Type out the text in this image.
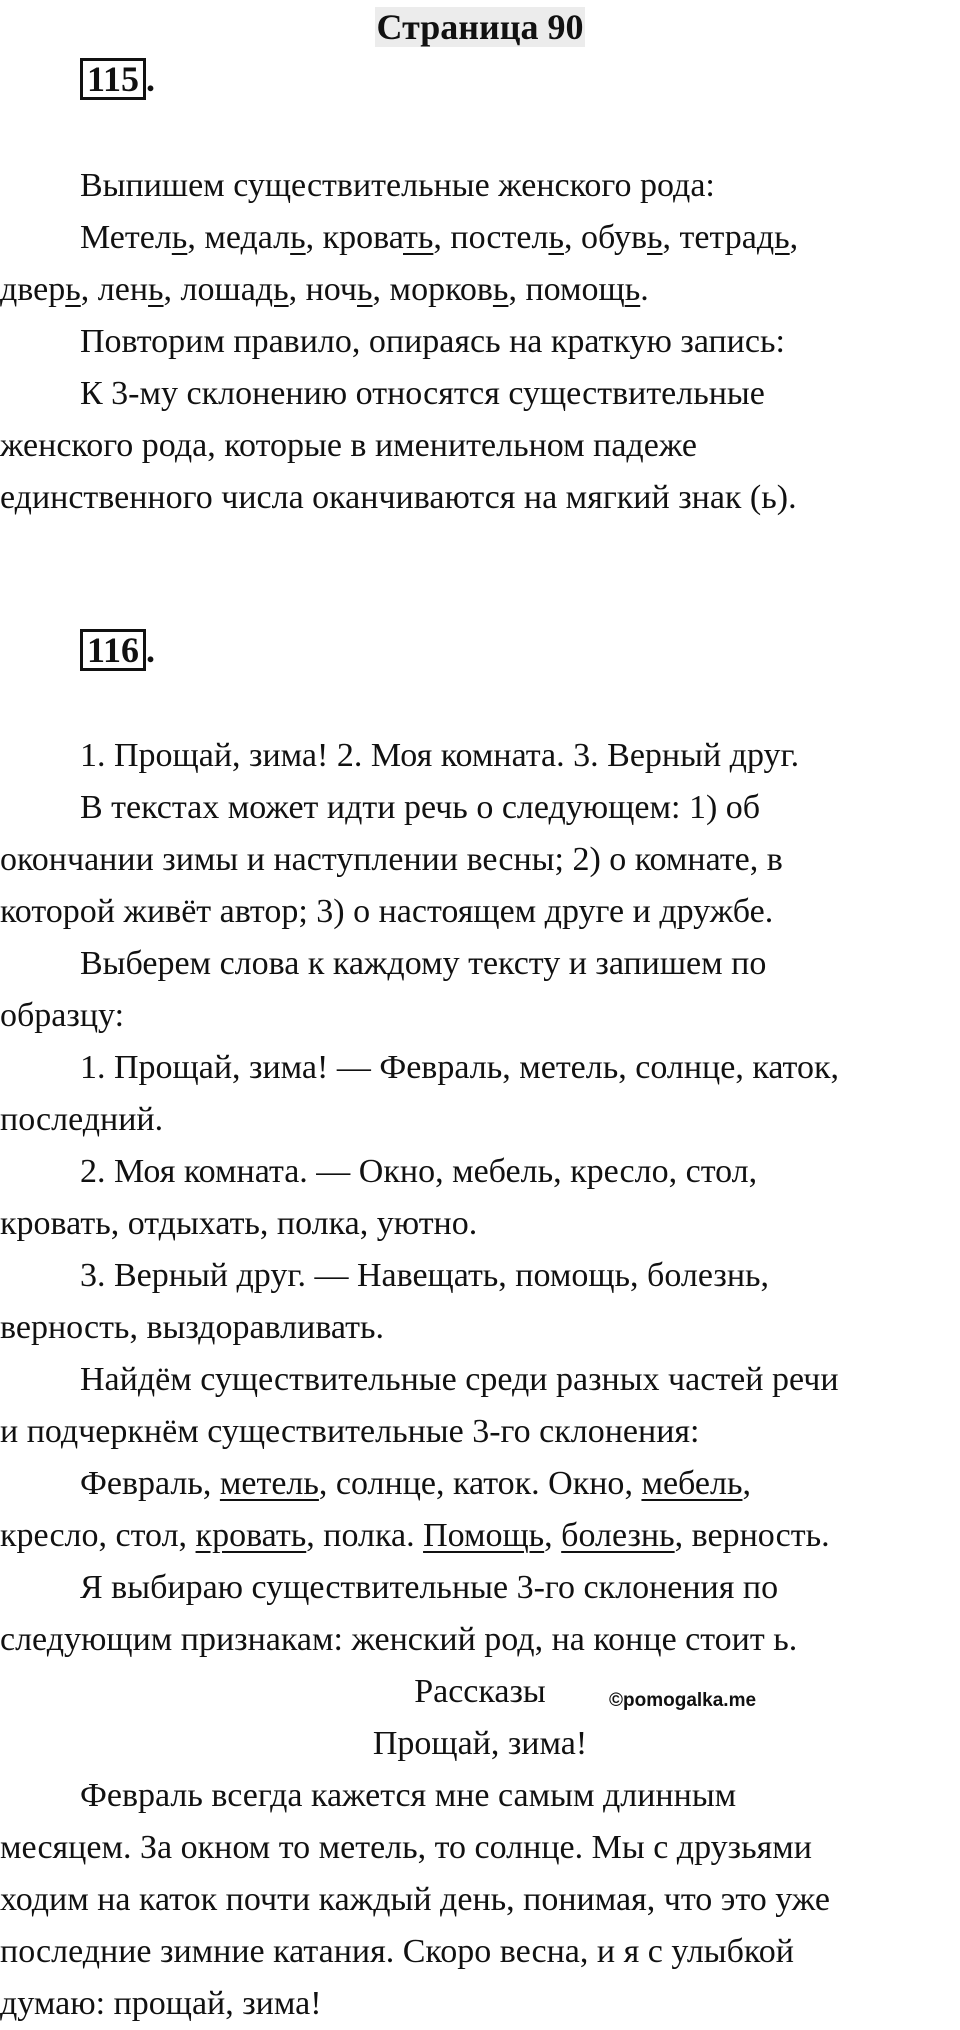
Страница 90
115 .

Выпишем существительные женского рода:

Метель, медаль, кровать, постель, обувь, тетрадь,

дверь, лень, лошадь, ночь, морковь, помощь.

Повторим правило, опираясь на краткую запись:

К 3-му склонению относятся существительные

женского рода, которые в именительном падеже

единственного числа оканчиваются на мягкий знак (ь).

116 .

1. Прощай, зима! 2. Моя комната. 3. Верный друг.

В текстах может идти речь о следующем: 1) об

окончании зимы и наступлении весны; 2) о комнате, в

которой живёт автор; 3) о настоящем друге и дружбе.

Выберем слова к каждому тексту и запишем по

образцу:

1. Прощай, зима! — Февраль, метель, солнце, каток,

последний.

2. Моя комната. — Окно, мебель, кресло, стол,

кровать, отдыхать, полка, уютно.

3. Верный друг. — Навещать, помощь, болезнь,

верность, выздоравливать.

Найдём существительные среди разных частей речи

и подчеркнём существительные 3-го склонения:

Февраль, метель, солнце, каток. Окно, мебель,

кресло, стол, кровать, полка. Помощь, болезнь, верность.

Я выбираю существительные 3-го склонения по

следующим признакам: женский род, на конце стоит ь.

Рассказы

Прощай, зима!

Февраль всегда кажется мне самым длинным

месяцем. За окном то метель, то солнце. Мы с друзьями

ходим на каток почти каждый день, понимая, что это уже

последние зимние катания. Скоро весна, и я с улыбкой

думаю: прощай, зима!

©pomogalka.me
